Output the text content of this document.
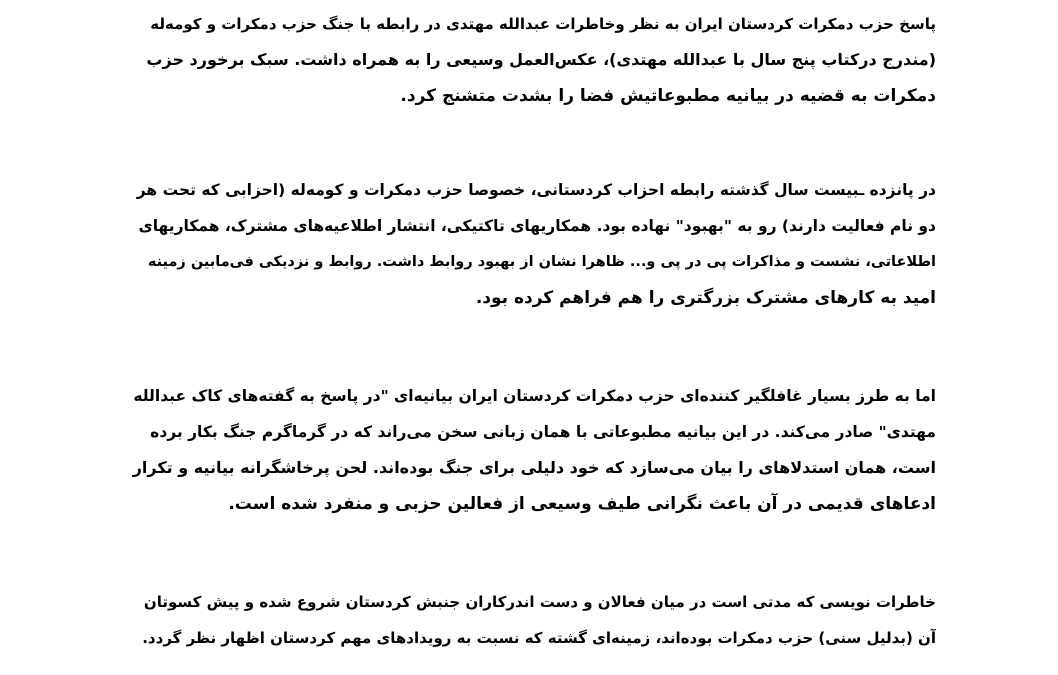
پاسخ حزب دمکرات کردستان ایران به نظر وخاطرات عبدالله مهتدی در رابطه با جنگ حزب دمکرات و کومه‌له
(مندرج درکتاب پنج سال با عبدالله مهتدی)، عکس‌العمل وسیعی را به همراه داشت. سبک برخورد حزب
دمکرات به قضیه در بیانیه مطبوعاتیش فضا را بشدت متشنج کرد.
در پانزده ـبیست سال گذشته رابطه احزاب کردستانی، خصوصا حزب دمکرات و کومه‌له (احزابی که تحت هر
دو نام فعالیت دارند) رو به "بهبود" نهاده بود. همکاریهای تاکتیکی، انتشار اطلاعیه‌های مشترک، همکاریهای
اطلاعاتی، نشست و مذاکرات پی در پی و... ظاهرا نشان از بهبود روابط داشت. روابط و نزدیکی فی‌مابین زمینه
امید به کارهای مشترک بزرگتری را هم فراهم کرده بود.
اما به طرز بسیار غافلگیر کننده‌ای حزب دمکرات کردستان ایران بیانیه‌ای "در پاسخ به گفته‌های کاک عبدالله
مهتدی" صادر می‌کند. در این بیانیه مطبوعاتی با همان زبانی سخن می‌راند که در گرماگرم جنگ بکار برده
است، همان استدلاهای را بیان می‌سازد که خود دلیلی برای جنگ بوده‌اند. لحن پرخاشگرانه بیانیه و تکرار
ادعاهای قدیمی در آن باعث نگرانی طیف وسیعی از فعالین حزبی و منفرد شده است.
خاطرات نویسی که مدتی است در میان فعالان و دست اندرکاران جنبش کردستان شروع شده و پیش کسوتان
آن (بدلیل سنی) حزب دمکرات بوده‌اند، زمینه‌ای گشته که نسبت به رویدادهای مهم کردستان اظهار نظر گردد.
